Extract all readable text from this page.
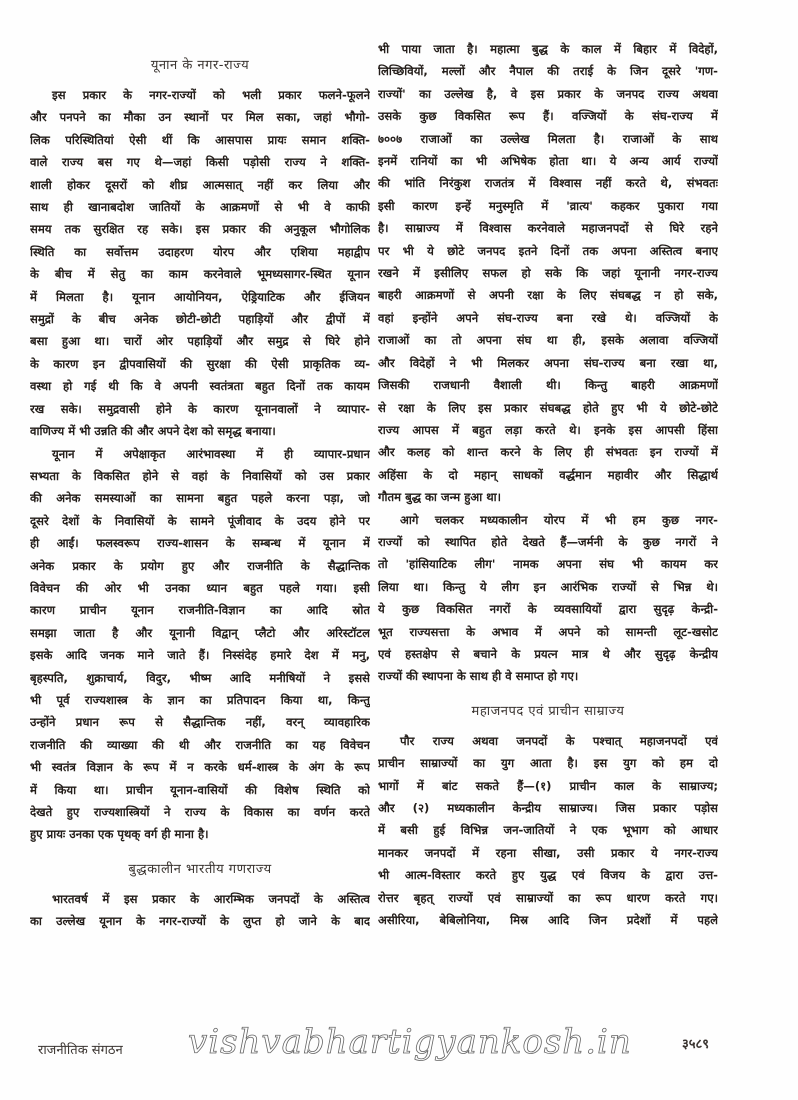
यूनान के नगर-राज्य

इस प्रकार के नगर-राज्यों को भली प्रकार फलने-फूलने
और पनपने का मौका उन स्थानों पर मिल सका, जहां भौगो-
लिक परिस्थितियां ऐसी थीं कि आसपास प्रायः समान शक्ति-
वाले राज्य बस गए थे—जहां किसी पड़ोसी राज्य ने शक्ति-
शाली होकर दूसरों को शीघ्र आत्मसात् नहीं कर लिया और
साथ ही खानाबदोश जातियों के आक्रमणों से भी वे काफी
समय तक सुरक्षित रह सके। इस प्रकार की अनुकूल भौगोलिक
स्थिति का सर्वोत्तम उदाहरण योरप और एशिया महाद्वीप
के बीच में सेतु का काम करनेवाले भूमध्यसागर-स्थित यूनान
में मिलता है। यूनान आयोनियन, ऐड्रियाटिक और ईजियन
समुद्रों के बीच अनेक छोटी-छोटी पहाड़ियों और द्वीपों में
बसा हुआ था। चारों ओर पहाड़ियों और समुद्र से घिरे होने
के कारण इन द्वीपवासियों की सुरक्षा की ऐसी प्राकृतिक व्य-
वस्था हो गई थी कि वे अपनी स्वतंत्रता बहुत दिनों तक कायम
रख सके। समुद्रवासी होने के कारण यूनानवालों ने व्यापार-
वाणिज्य में भी उन्नति की और अपने देश को समृद्ध बनाया।

यूनान में अपेक्षाकृत आरंभावस्था में ही व्यापार-प्रधान
सभ्यता के विकसित होने से वहां के निवासियों को उस प्रकार
की अनेक समस्याओं का सामना बहुत पहले करना पड़ा, जो
दूसरे देशों के निवासियों के सामने पूंजीवाद के उदय होने पर
ही आईं। फलस्वरूप राज्य-शासन के सम्बन्ध में यूनान में
अनेक प्रकार के प्रयोग हुए और राजनीति के सैद्धान्तिक
विवेचन की ओर भी उनका ध्यान बहुत पहले गया। इसी
कारण प्राचीन यूनान राजनीति-विज्ञान का आदि स्रोत
समझा जाता है और यूनानी विद्वान् प्लैटो और अरिस्टॉटल
इसके आदि जनक माने जाते हैं। निस्संदेह हमारे देश में मनु,
बृहस्पति, शुक्राचार्य, विदुर, भीष्म आदि मनीषियों ने इससे
भी पूर्व राज्यशास्त्र के ज्ञान का प्रतिपादन किया था, किन्तु
उन्होंने प्रधान रूप से सैद्धान्तिक नहीं, वरन् व्यावहारिक
राजनीति की व्याख्या की थी और राजनीति का यह विवेचन
भी स्वतंत्र विज्ञान के रूप में न करके धर्म-शास्त्र के अंग के रूप
में किया था। प्राचीन यूनान-वासियों की विशेष स्थिति को
देखते हुए राज्यशास्त्रियों ने राज्य के विकास का वर्णन करते
हुए प्रायः उनका एक पृथक् वर्ग ही माना है।

बुद्धकालीन भारतीय गणराज्य

भारतवर्ष में इस प्रकार के आरम्भिक जनपदों के अस्तित्व
का उल्लेख यूनान के नगर-राज्यों के लुप्त हो जाने के बाद

भी पाया जाता है। महात्मा बुद्ध के काल में बिहार में विदेहों,
लिच्छिवियों, मल्लों और नैपाल की तराई के जिन दूसरे 'गण-
राज्यों' का उल्लेख है, वे इस प्रकार के जनपद राज्य अथवा
उसके कुछ विकसित रूप हैं। वज्जियों के संघ-राज्य में
७००७ राजाओं का उल्लेख मिलता है। राजाओं के साथ
इनमें रानियों का भी अभिषेक होता था। ये अन्य आर्य राज्यों
की भांति निरंकुश राजतंत्र में विश्वास नहीं करते थे, संभवतः
इसी कारण इन्हें मनुस्मृति में 'व्रात्य' कहकर पुकारा गया
है। साम्राज्य में विश्वास करनेवाले महाजनपदों से घिरे रहने
पर भी ये छोटे जनपद इतने दिनों तक अपना अस्तित्व बनाए
रखने में इसीलिए सफल हो सके कि जहां यूनानी नगर-राज्य
बाहरी आक्रमणों से अपनी रक्षा के लिए संघबद्ध न हो सके,
वहां इन्होंने अपने संघ-राज्य बना रखे थे। वज्जियों के
राजाओं का तो अपना संघ था ही, इसके अलावा वज्जियों
और विदेहों ने भी मिलकर अपना संघ-राज्य बना रखा था,
जिसकी राजधानी वैशाली थी। किन्तु बाहरी आक्रमणों
से रक्षा के लिए इस प्रकार संघबद्ध होते हुए भी ये छोटे-छोटे
राज्य आपस में बहुत लड़ा करते थे। इनके इस आपसी हिंसा
और कलह को शान्त करने के लिए ही संभवतः इन राज्यों में
अहिंसा के दो महान् साधकों वर्द्धमान महावीर और सिद्धार्थ
गौतम बुद्ध का जन्म हुआ था।

आगे चलकर मध्यकालीन योरप में भी हम कुछ नगर-
राज्यों को स्थापित होते देखते हैं—जर्मनी के कुछ नगरों ने
तो 'हांसियाटिक लीग' नामक अपना संघ भी कायम कर
लिया था। किन्तु ये लीग इन आरंभिक राज्यों से भिन्न थे।
ये कुछ विकसित नगरों के व्यवसायियों द्वारा सुदृढ़ केन्द्री-
भूत राज्यसत्ता के अभाव में अपने को सामन्ती लूट-खसोट
एवं हस्तक्षेप से बचाने के प्रयत्न मात्र थे और सुदृढ़ केन्द्रीय
राज्यों की स्थापना के साथ ही वे समाप्त हो गए।

महाजनपद एवं प्राचीन साम्राज्य

पौर राज्य अथवा जनपदों के पश्चात् महाजनपदों एवं
प्राचीन साम्राज्यों का युग आता है। इस युग को हम दो
भागों में बांट सकते हैं—(१) प्राचीन काल के साम्राज्य;
और (२) मध्यकालीन केन्द्रीय साम्राज्य। जिस प्रकार पड़ोस
में बसी हुई विभिन्न जन-जातियों ने एक भूभाग को आधार
मानकर जनपदों में रहना सीखा, उसी प्रकार ये नगर-राज्य
भी आत्म-विस्तार करते हुए युद्ध एवं विजय के द्वारा उत्त-
रोत्तर बृहत् राज्यों एवं साम्राज्यों का रूप धारण करते गए।
असीरिया, बेबिलोनिया, मिस्र आदि जिन प्रदेशों में पहले

राजनीतिक संगठन vishvabhartigyankosh.in	३५८९
